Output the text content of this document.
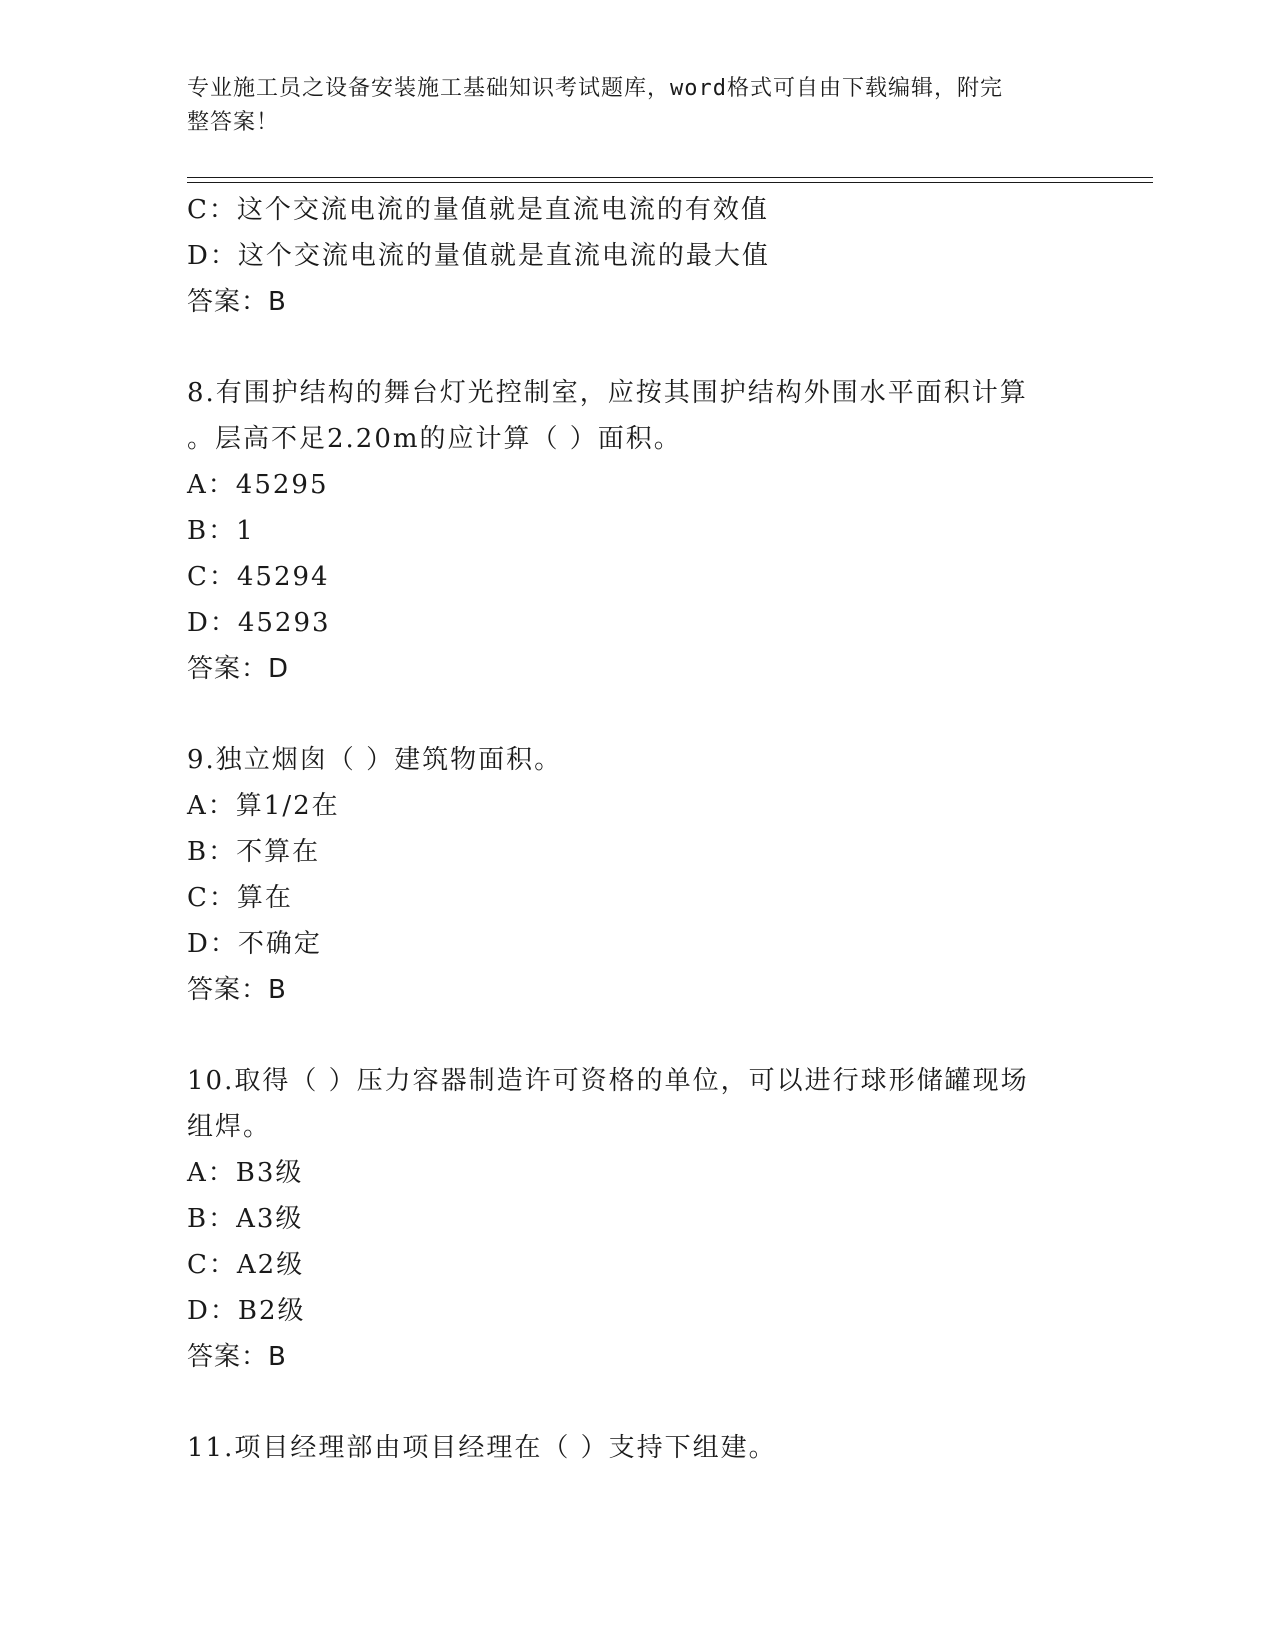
专业施工员之设备安装施工基础知识考试题库，word格式可自由下载编辑，附完
整答案！
C：这个交流电流的量值就是直流电流的有效值
D：这个交流电流的量值就是直流电流的最大值
答案：B
8.有围护结构的舞台灯光控制室，应按其围护结构外围水平面积计算
。层高不足2.20m的应计算（ ）面积。
A：45295
B：1
C：45294
D：45293
答案：D
9.独立烟囱（ ）建筑物面积。
A：算1/2在
B：不算在
C：算在
D：不确定
答案：B
10.取得（ ）压力容器制造许可资格的单位，可以进行球形储罐现场
组焊。
A：B3级
B：A3级
C：A2级
D：B2级
答案：B
11.项目经理部由项目经理在（ ）支持下组建。
